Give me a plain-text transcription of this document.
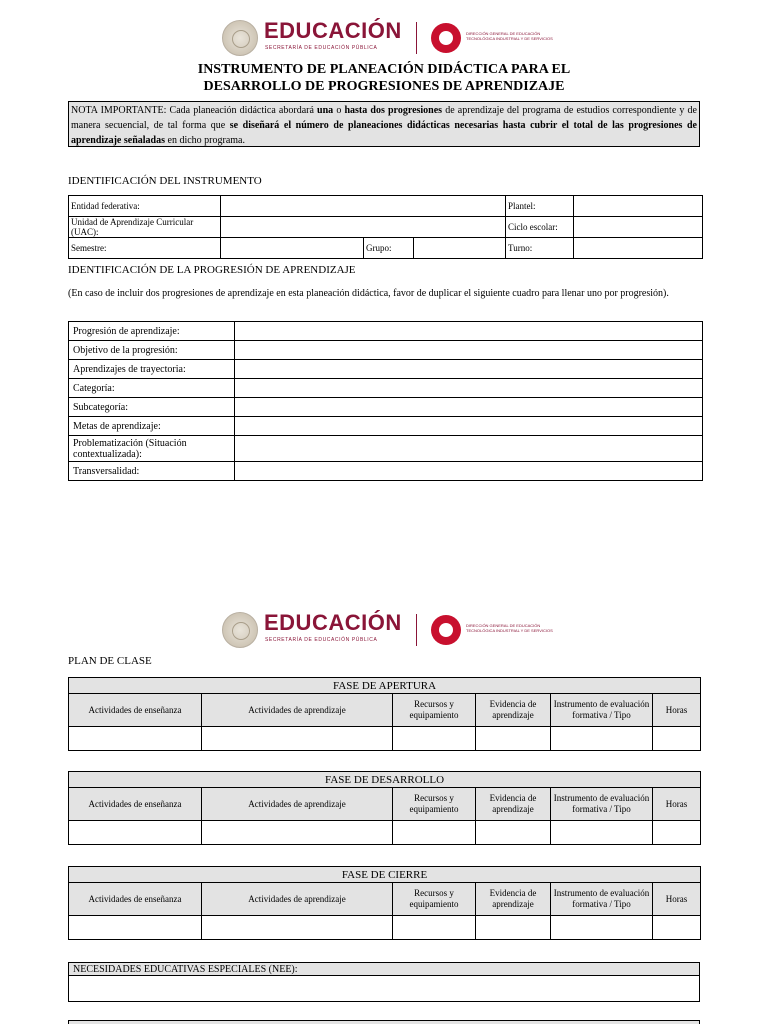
EDUCACIÓN
SECRETARÍA DE EDUCACIÓN PÚBLICA
DIRECCIÓN GENERAL DE EDUCACIÓN
TECNOLÓGICA INDUSTRIAL Y DE SERVICIOS
INSTRUMENTO DE PLANEACIÓN DIDÁCTICA PARA EL
DESARROLLO DE PROGRESIONES DE APRENDIZAJE
NOTA IMPORTANTE: Cada planeación didáctica abordará una o hasta dos progresiones de aprendizaje del programa de estudios correspondiente y de manera secuencial, de tal forma que se diseñará el número de planeaciones didácticas necesarias hasta cubrir el total de las progresiones de aprendizaje señaladas en dicho programa.
IDENTIFICACIÓN DEL INSTRUMENTO
Entidad federativa:				Plantel:	
Unidad de Aprendizaje Curricular (UAC):				Ciclo escolar:	
Semestre:		Grupo:		Turno:	
IDENTIFICACIÓN DE LA PROGRESIÓN DE APRENDIZAJE
(En caso de incluir dos progresiones de aprendizaje en esta planeación didáctica, favor de duplicar el siguiente cuadro para llenar uno por progresión).
Progresión de aprendizaje:	
Objetivo de la progresión:	
Aprendizajes de trayectoria:	
Categoría:	
Subcategoría:	
Metas de aprendizaje:	
Problematización (Situación contextualizada):	
Transversalidad:	
EDUCACIÓN
SECRETARÍA DE EDUCACIÓN PÚBLICA
DIRECCIÓN GENERAL DE EDUCACIÓN
TECNOLÓGICA INDUSTRIAL Y DE SERVICIOS
PLAN DE CLASE
FASE DE APERTURA					
Actividades de enseñanza	Actividades de aprendizaje	Recursos y equipamiento	Evidencia de aprendizaje	Instrumento de evaluación formativa / Tipo	Horas

FASE DE DESARROLLO					
Actividades de enseñanza	Actividades de aprendizaje	Recursos y equipamiento	Evidencia de aprendizaje	Instrumento de evaluación formativa / Tipo	Horas

FASE DE CIERRE					
Actividades de enseñanza	Actividades de aprendizaje	Recursos y equipamiento	Evidencia de aprendizaje	Instrumento de evaluación formativa / Tipo	Horas

NECESIDADES EDUCATIVAS ESPECIALES (NEE):
